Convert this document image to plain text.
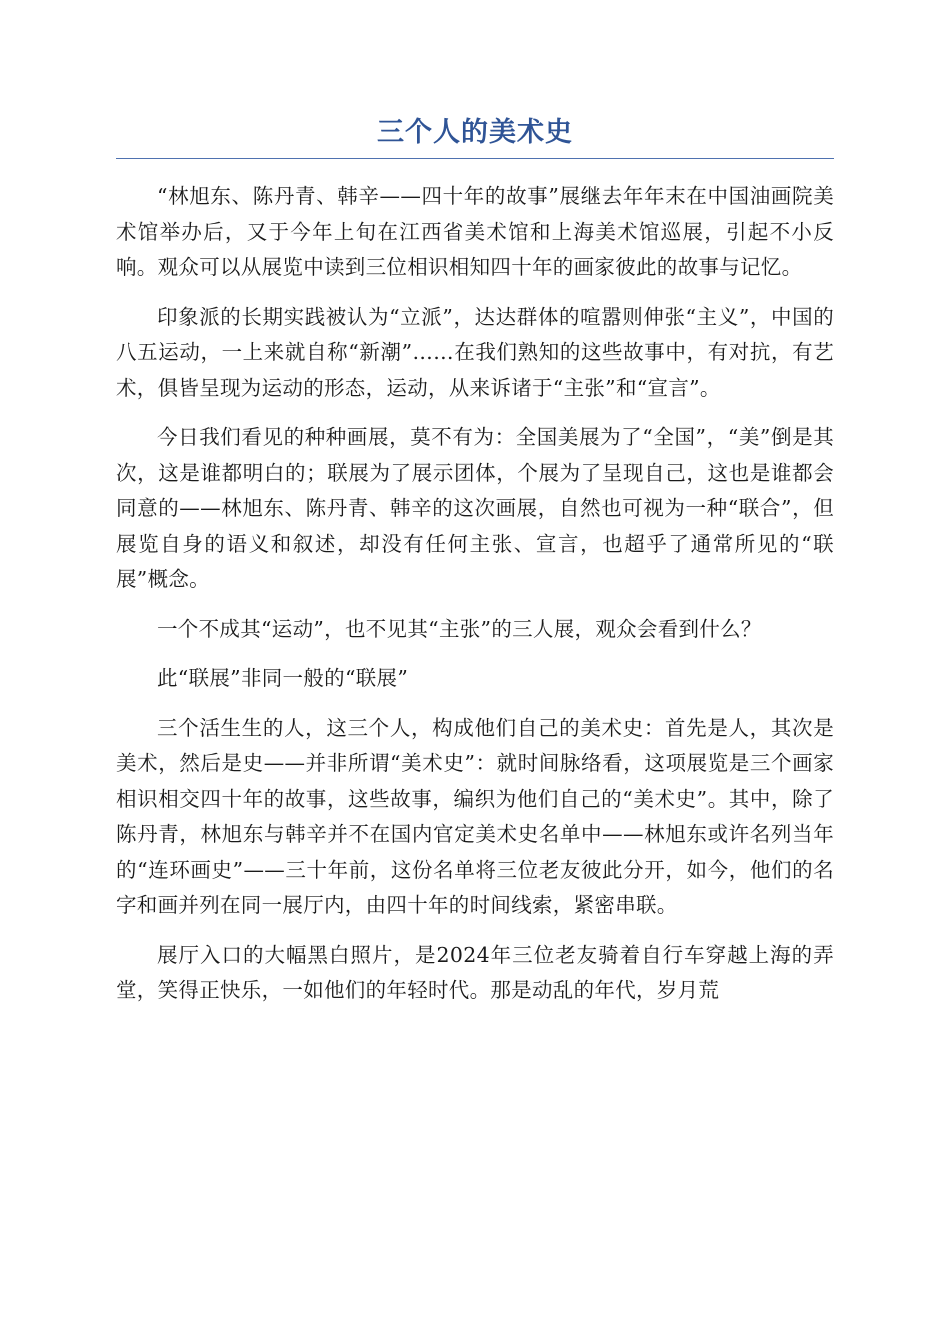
三个人的美术史

“林旭东、陈丹青、韩辛——四十年的故事”展继去年年末在中国油画院美术馆举办后，又于今年上旬在江西省美术馆和上海美术馆巡展，引起不小反响。观众可以从展览中读到三位相识相知四十年的画家彼此的故事与记忆。

印象派的长期实践被认为“立派”，达达群体的喧嚣则伸张“主义”，中国的八五运动，一上来就自称“新潮”……在我们熟知的这些故事中，有对抗，有艺术，俱皆呈现为运动的形态，运动，从来诉诸于“主张”和“宣言”。

今日我们看见的种种画展，莫不有为：全国美展为了“全国”，“美”倒是其次，这是谁都明白的；联展为了展示团体，个展为了呈现自己，这也是谁都会同意的——林旭东、陈丹青、韩辛的这次画展，自然也可视为一种“联合”，但展览自身的语义和叙述，却没有任何主张、宣言，也超乎了通常所见的“联展”概念。

一个不成其“运动”，也不见其“主张”的三人展，观众会看到什么？

此“联展”非同一般的“联展”

三个活生生的人，这三个人，构成他们自己的美术史：首先是人，其次是美术，然后是史——并非所谓“美术史”：就时间脉络看，这项展览是三个画家相识相交四十年的故事，这些故事，编织为他们自己的“美术史”。其中，除了陈丹青，林旭东与韩辛并不在国内官定美术史名单中——林旭东或许名列当年的“连环画史”——三十年前，这份名单将三位老友彼此分开，如今，他们的名字和画并列在同一展厅内，由四十年的时间线索，紧密串联。

展厅入口的大幅黑白照片，是2024年三位老友骑着自行车穿越上海的弄堂，笑得正快乐，一如他们的年轻时代。那是动乱的年代，岁月荒
